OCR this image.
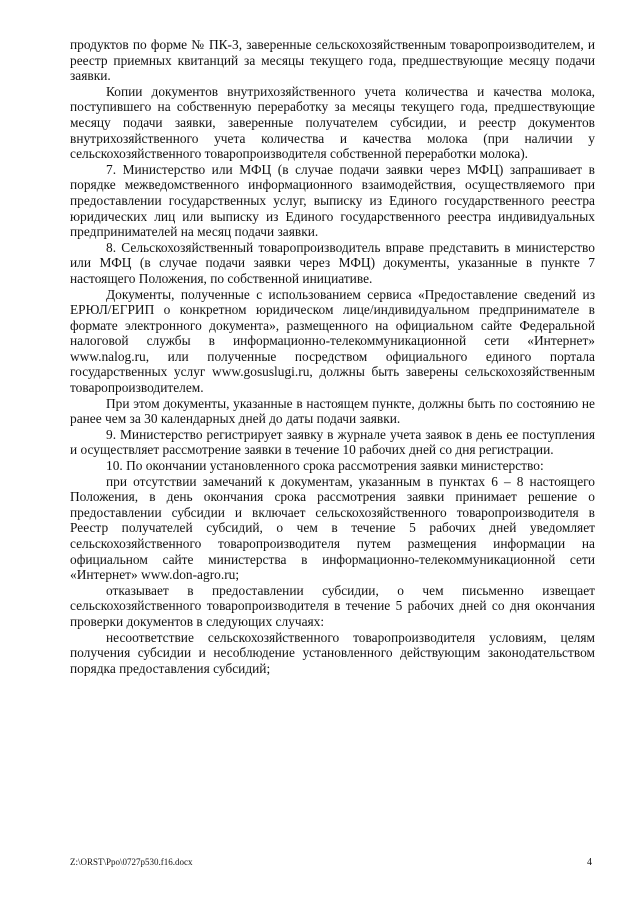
продуктов по форме № ПК-3, заверенные сельскохозяйственным товаропроизводителем, и реестр приемных квитанций за месяцы текущего года, предшествующие месяцу подачи заявки.

Копии документов внутрихозяйственного учета количества и качества молока, поступившего на собственную переработку за месяцы текущего года, предшествующие месяцу подачи заявки, заверенные получателем субсидии, и реестр документов внутрихозяйственного учета количества и качества молока (при наличии у сельскохозяйственного товаропроизводителя собственной переработки молока).

7. Министерство или МФЦ (в случае подачи заявки через МФЦ) запрашивает в порядке межведомственного информационного взаимодействия, осуществляемого при предоставлении государственных услуг, выписку из Единого государственного реестра юридических лиц или выписку из Единого государственного реестра индивидуальных предпринимателей на месяц подачи заявки.

8. Сельскохозяйственный товаропроизводитель вправе представить в министерство или МФЦ (в случае подачи заявки через МФЦ) документы, указанные в пункте 7 настоящего Положения, по собственной инициативе.

Документы, полученные с использованием сервиса «Предоставление сведений из ЕРЮЛ/ЕГРИП о конкретном юридическом лице/индивидуальном предпринимателе в формате электронного документа», размещенного на официальном сайте Федеральной налоговой службы в информационно-телекоммуникационной сети «Интернет» www.nalog.ru, или полученные посредством официального единого портала государственных услуг www.gosuslugi.ru, должны быть заверены сельскохозяйственным товаропроизводителем.

При этом документы, указанные в настоящем пункте, должны быть по состоянию не ранее чем за 30 календарных дней до даты подачи заявки.

9. Министерство регистрирует заявку в журнале учета заявок в день ее поступления и осуществляет рассмотрение заявки в течение 10 рабочих дней со дня регистрации.

10. По окончании установленного срока рассмотрения заявки министерство:

при отсутствии замечаний к документам, указанным в пунктах 6 – 8 настоящего Положения, в день окончания срока рассмотрения заявки принимает решение о предоставлении субсидии и включает сельскохозяйственного товаропроизводителя в Реестр получателей субсидий, о чем в течение 5 рабочих дней уведомляет сельскохозяйственного товаропроизводителя путем размещения информации на официальном сайте министерства в информационно-телекоммуникационной сети «Интернет» www.don-agro.ru;

отказывает в предоставлении субсидии, о чем письменно извещает сельскохозяйственного товаропроизводителя в течение 5 рабочих дней со дня окончания проверки документов в следующих случаях:

несоответствие сельскохозяйственного товаропроизводителя условиям, целям получения субсидии и несоблюдение установленного действующим законодательством порядка предоставления субсидий;

Z:\ORST\Ppo\0727p530.f16.docx	4
